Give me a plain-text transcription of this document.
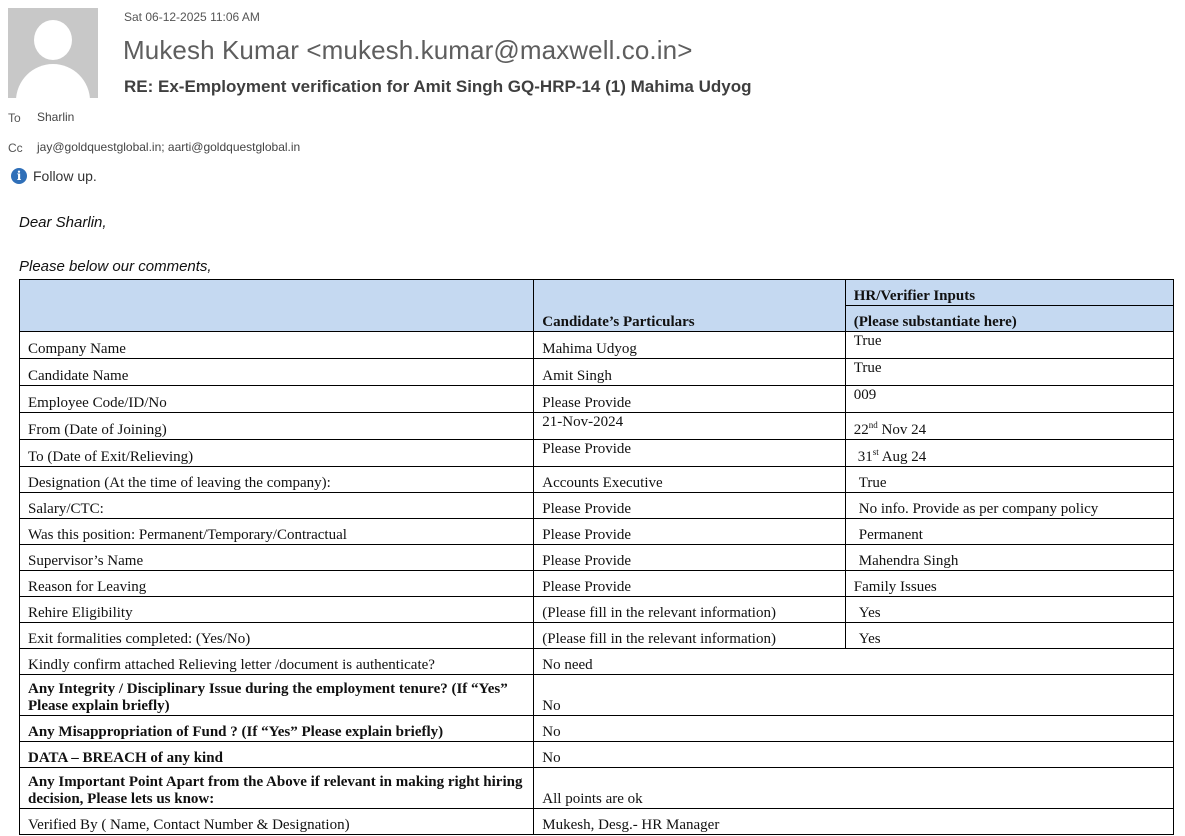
Sat 06-12-2025 11:06 AM
Mukesh Kumar <mukesh.kumar@maxwell.co.in>
RE: Ex-Employment verification for Amit Singh GQ-HRP-14 (1) Mahima Udyog
To Sharlin
Cc jay@goldquestglobal.in; aarti@goldquestglobal.in
i Follow up.
Dear Sharlin,
Please below our comments,
	Candidate’s Particulars	HR/Verifier Inputs
		(Please substantiate here)
Company Name	Mahima Udyog	True
Candidate Name	Amit Singh	True
Employee Code/ID/No	Please Provide	009
From (Date of Joining)	21-Nov-2024	22nd Nov 24
To (Date of Exit/Relieving)	Please Provide	31st Aug 24
Designation (At the time of leaving the company):	Accounts Executive	True
Salary/CTC:	Please Provide	No info. Provide as per company policy
Was this position: Permanent/Temporary/Contractual	Please Provide	Permanent
Supervisor’s Name	Please Provide	Mahendra Singh
Reason for Leaving	Please Provide	Family Issues
Rehire Eligibility	(Please fill in the relevant information)	Yes
Exit formalities completed: (Yes/No)	(Please fill in the relevant information)	Yes
Kindly confirm attached Relieving letter /document is authenticate?	No need	
Any Integrity / Disciplinary Issue during the employment tenure? (If “Yes” Please explain briefly)	No	
Any Misappropriation of Fund ? (If “Yes” Please explain briefly)	No	
DATA – BREACH of any kind	No	
Any Important Point Apart from the Above if relevant in making right hiring decision, Please lets us know:	All points are ok	
Verified By ( Name, Contact Number & Designation)	Mukesh, Desg.- HR Manager	
